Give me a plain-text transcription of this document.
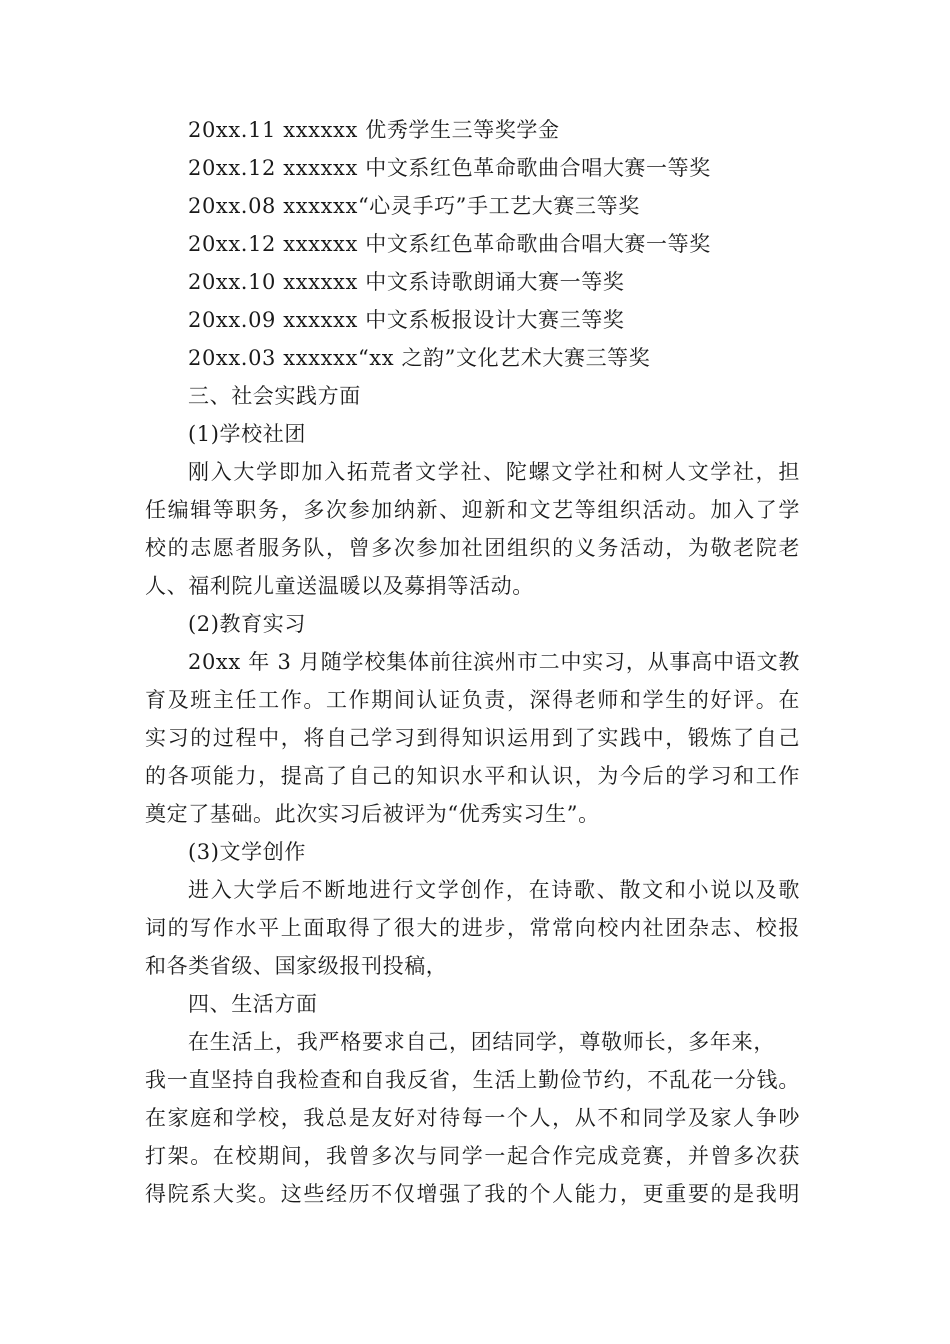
20xx.11 xxxxxx 优秀学生三等奖学金
20xx.12 xxxxxx 中文系红色革命歌曲合唱大赛一等奖
20xx.08 xxxxxx“心灵手巧”手工艺大赛三等奖
20xx.12 xxxxxx 中文系红色革命歌曲合唱大赛一等奖
20xx.10 xxxxxx 中文系诗歌朗诵大赛一等奖
20xx.09 xxxxxx 中文系板报设计大赛三等奖
20xx.03 xxxxxx“xx 之韵”文化艺术大赛三等奖
三、社会实践方面
(1)学校社团
刚入大学即加入拓荒者文学社、陀螺文学社和树人文学社，担
任编辑等职务，多次参加纳新、迎新和文艺等组织活动。加入了学
校的志愿者服务队，曾多次参加社团组织的义务活动，为敬老院老
人、福利院儿童送温暖以及募捐等活动。
(2)教育实习
20xx 年 3 月随学校集体前往滨州市二中实习，从事高中语文教
育及班主任工作。工作期间认证负责，深得老师和学生的好评。在
实习的过程中，将自己学习到得知识运用到了实践中，锻炼了自己
的各项能力，提高了自己的知识水平和认识，为今后的学习和工作
奠定了基础。此次实习后被评为“优秀实习生”。
(3)文学创作
进入大学后不断地进行文学创作，在诗歌、散文和小说以及歌
词的写作水平上面取得了很大的进步，常常向校内社团杂志、校报
和各类省级、国家级报刊投稿，
四、生活方面
在生活上，我严格要求自己，团结同学，尊敬师长，多年来，
我一直坚持自我检查和自我反省，生活上勤俭节约，不乱花一分钱。
在家庭和学校，我总是友好对待每一个人，从不和同学及家人争吵
打架。在校期间，我曾多次与同学一起合作完成竞赛，并曾多次获
得院系大奖。这些经历不仅增强了我的个人能力，更重要的是我明
